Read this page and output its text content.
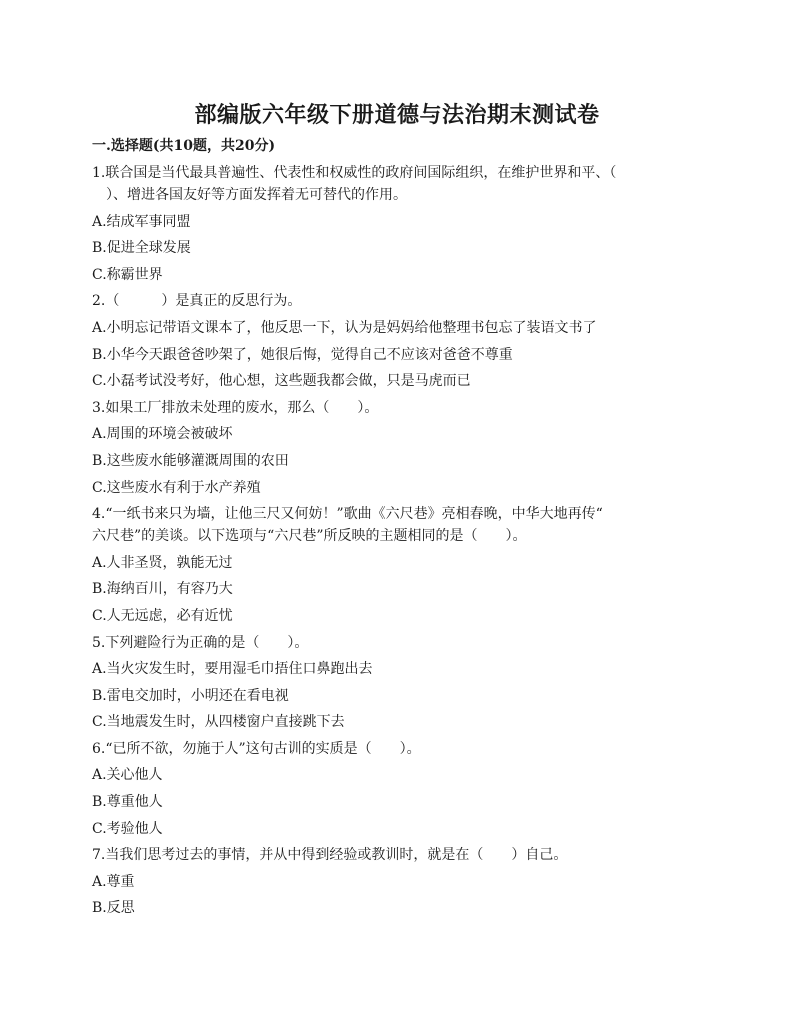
部编版六年级下册道德与法治期末测试卷
一.选择题(共10题，共20分)
1.联合国是当代最具普遍性、代表性和权威性的政府间国际组织，在维护世界和平、（
　）、增进各国友好等方面发挥着无可替代的作用。
A.结成军事同盟
B.促进全球发展
C.称霸世界
2.（　　　）是真正的反思行为。
A.小明忘记带语文课本了，他反思一下，认为是妈妈给他整理书包忘了装语文书了
B.小华今天跟爸爸吵架了，她很后悔，觉得自己不应该对爸爸不尊重
C.小磊考试没考好，他心想，这些题我都会做，只是马虎而已
3.如果工厂排放未处理的废水，那么（　　）。
A.周围的环境会被破坏
B.这些废水能够灌溉周围的农田
C.这些废水有利于水产养殖
4.“一纸书来只为墙，让他三尺又何妨！”歌曲《六尺巷》亮相春晚，中华大地再传“
六尺巷”的美谈。以下选项与“六尺巷”所反映的主题相同的是（　　）。
A.人非圣贤，孰能无过
B.海纳百川，有容乃大
C.人无远虑，必有近忧
5.下列避险行为正确的是（　　）。
A.当火灾发生时，要用湿毛巾捂住口鼻跑出去
B.雷电交加时，小明还在看电视
C.当地震发生时，从四楼窗户直接跳下去
6.“已所不欲，勿施于人”这句古训的实质是（　　）。
A.关心他人
B.尊重他人
C.考验他人
7.当我们思考过去的事情，并从中得到经验或教训时，就是在（　　）自己。
A.尊重
B.反思
